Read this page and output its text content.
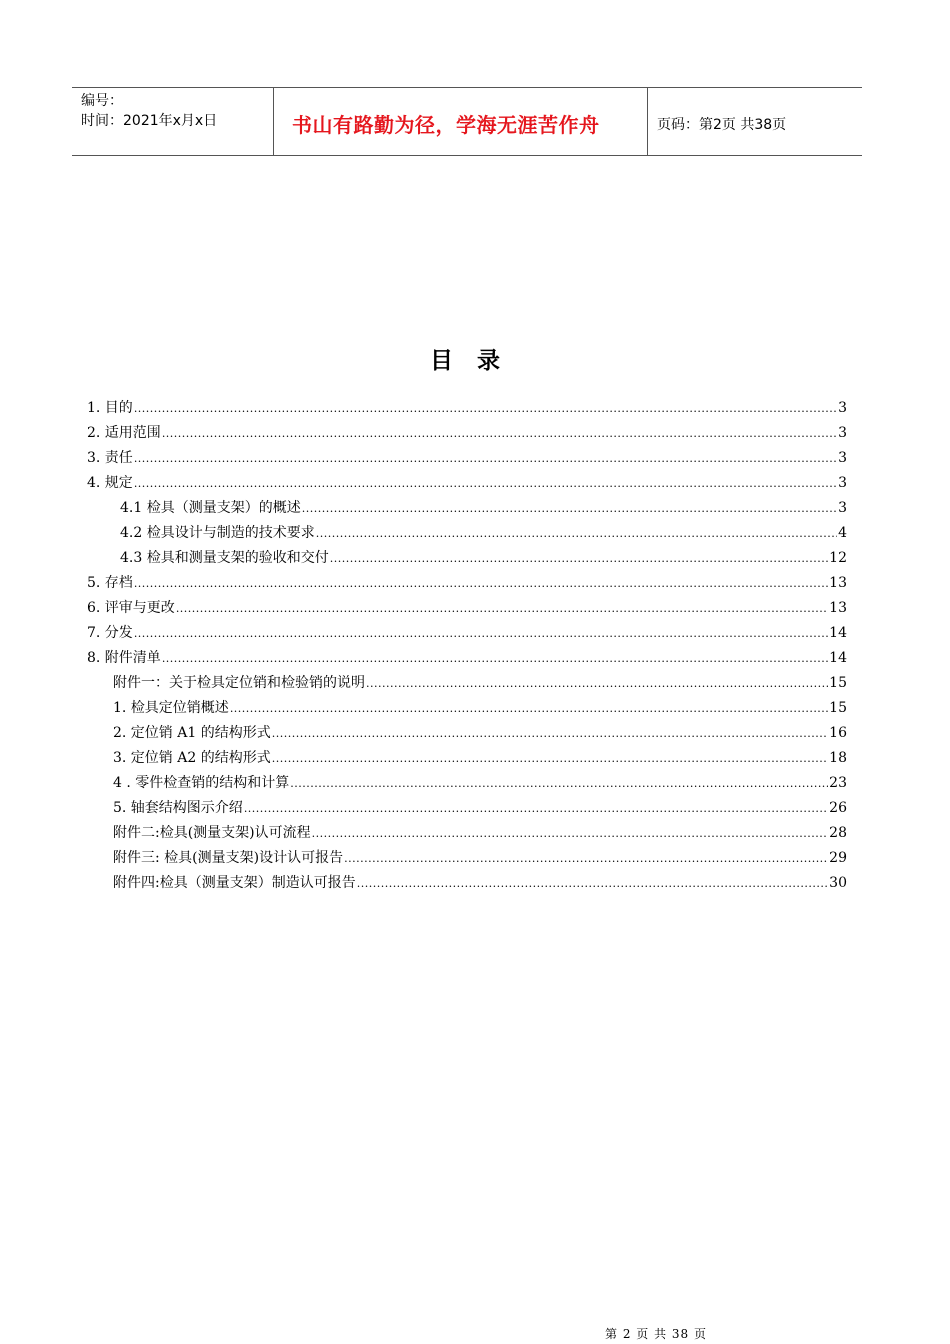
编号：
时间：2021年x月x日	书山有路勤为径，学海无涯苦作舟	页码：第2页 共38页
目 录
1. 目的 .....	3
2. 适用范围 .....	3
3. 责任 .....	3
4. 规定 .....	3
4.1 检具（测量支架）的概述 .....	3
4.2 检具设计与制造的技术要求 .....	4
4.3 检具和测量支架的验收和交付 .....	12
5. 存档 .....	13
6. 评审与更改 .....	13
7. 分发 .....	14
8. 附件清单 .....	14
附件一：关于检具定位销和检验销的说明 .....	15
1. 检具定位销概述 .....	15
2. 定位销 A1 的结构形式 .....	16
3. 定位销 A2 的结构形式 .....	18
4 . 零件检查销的结构和计算 .....	23
5. 轴套结构图示介绍 .....	26
附件二:检具(测量支架)认可流程 .....	28
附件三: 检具(测量支架)设计认可报告 .....	29
附件四:检具（测量支架）制造认可报告 .....	30
第 2 页 共 38 页
